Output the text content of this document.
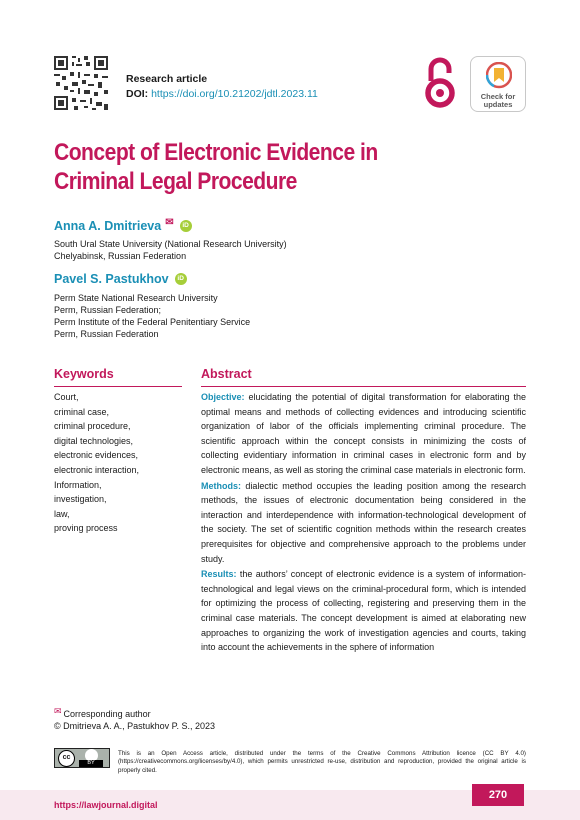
Research article
DOI: https://doi.org/10.21202/jdtl.2023.11	Check for
updates
Concept of Electronic Evidence in Criminal Legal Procedure
Anna A. Dmitrieva ✉	iD
South Ural State University (National Research University)
Chelyabinsk, Russian Federation
Pavel S. Pastukhov	iD
Perm State National Research University
Perm, Russian Federation;
Perm Institute of the Federal Penitentiary Service
Perm, Russian Federation
Keywords
Court,
criminal case,
criminal procedure,
digital technologies,
electronic evidences,
electronic interaction,
Information,
investigation,
law,
proving process
Abstract

Objective: elucidating the potential of digital transformation for elaborating the optimal means and methods of collecting evidences and introducing scientific organization of labor of the officials implementing criminal procedure. The scientific approach within the concept consists in minimizing the costs of collecting evidentiary information in criminal cases in electronic form and by electronic means, as well as storing the criminal case materials in electronic form.

Methods: dialectic method occupies the leading position among the research methods, the issues of electronic documentation being considered in the interaction and interdependence with information-technological development of the society. The set of scientific cognition methods within the research creates prerequisites for objective and comprehensive approach to the problems under study.

Results: the authors’ concept of electronic evidence is a system of information-technological and legal views on the criminal-procedural form, which is intended for optimizing the process of collecting, registering and preserving them in the criminal case materials. The concept development is aimed at elaborating new approaches to organizing the work of investigation agencies and courts, taking into account the achievements in the sphere of information

✉ Corresponding author
© Dmitrieva A. A., Pastukhov P. S., 2023
cc
BY
This is an Open Access article, distributed under the terms of the Creative Commons Attribution licence (CC BY 4.0) (https://creativecommons.org/licenses/by/4.0), which permits unrestricted re-use, distribution and reproduction, provided the original article is properly cited.
https://lawjournal.digital
270
